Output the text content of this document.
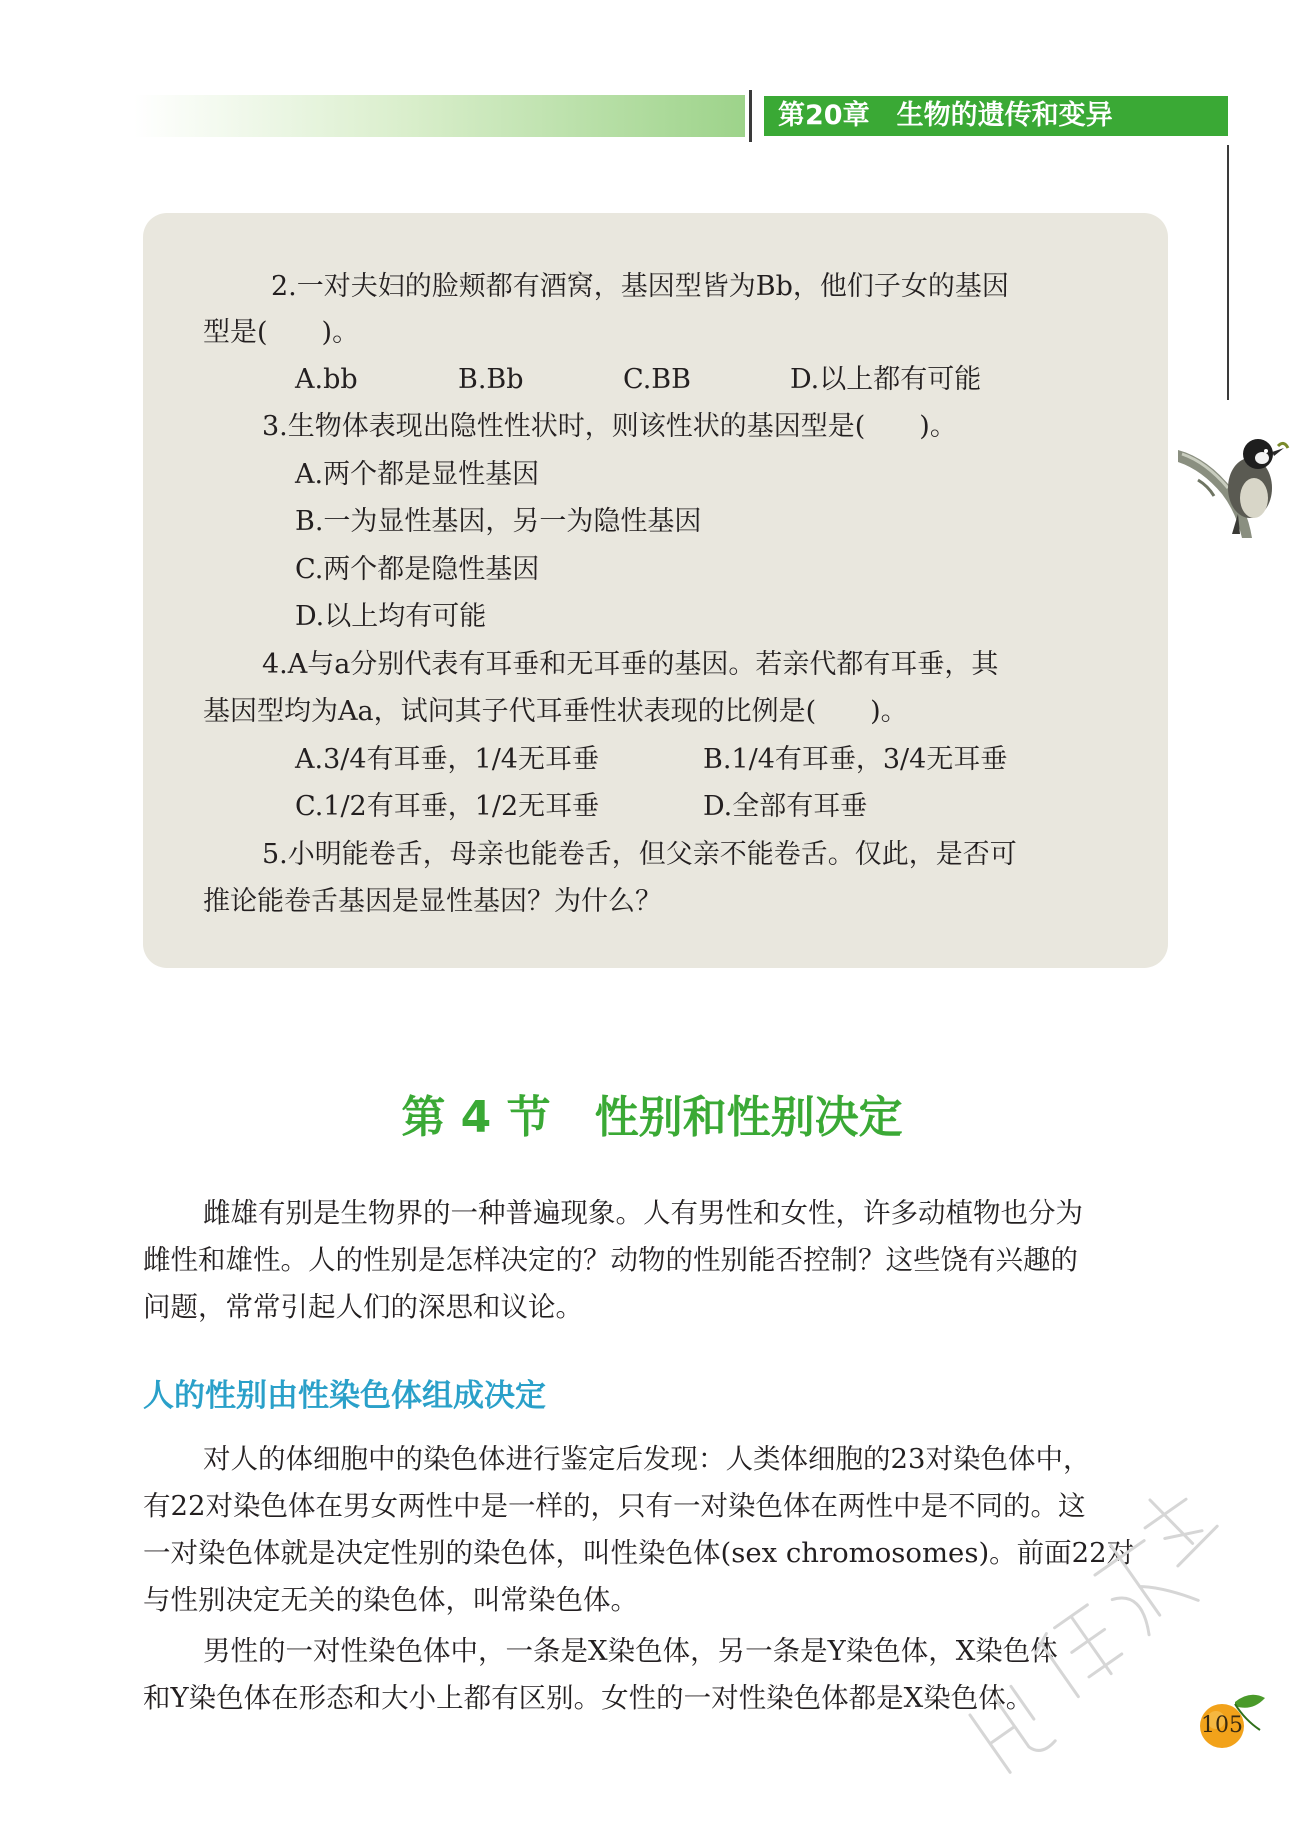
第20章　生物的遗传和变异
2.一对夫妇的脸颊都有酒窝，基因型皆为Bb，他们子女的基因
型是(　　)。
A.bb	B.Bb	C.BB	D.以上都有可能
3.生物体表现出隐性性状时，则该性状的基因型是(　　)。
A.两个都是显性基因
B.一为显性基因，另一为隐性基因
C.两个都是隐性基因
D.以上均有可能
4.A与a分别代表有耳垂和无耳垂的基因。若亲代都有耳垂，其
基因型均为Aa，试问其子代耳垂性状表现的比例是(　　)。
A.3/4有耳垂，1/4无耳垂	B.1/4有耳垂，3/4无耳垂
C.1/2有耳垂，1/2无耳垂	D.全部有耳垂
5.小明能卷舌，母亲也能卷舌，但父亲不能卷舌。仅此，是否可
推论能卷舌基因是显性基因？为什么？
第 4 节　性别和性别决定
雌雄有别是生物界的一种普遍现象。人有男性和女性，许多动植物也分为
雌性和雄性。人的性别是怎样决定的？动物的性别能否控制？这些饶有兴趣的
问题，常常引起人们的深思和议论。
人的性别由性染色体组成决定
对人的体细胞中的染色体进行鉴定后发现：人类体细胞的23对染色体中，
有22对染色体在男女两性中是一样的，只有一对染色体在两性中是不同的。这
一对染色体就是决定性别的染色体，叫性染色体(sex chromosomes)。前面22对
与性别决定无关的染色体，叫常染色体。
男性的一对性染色体中，一条是X染色体，另一条是Y染色体，X染色体
和Y染色体在形态和大小上都有区别。女性的一对性染色体都是X染色体。
105
